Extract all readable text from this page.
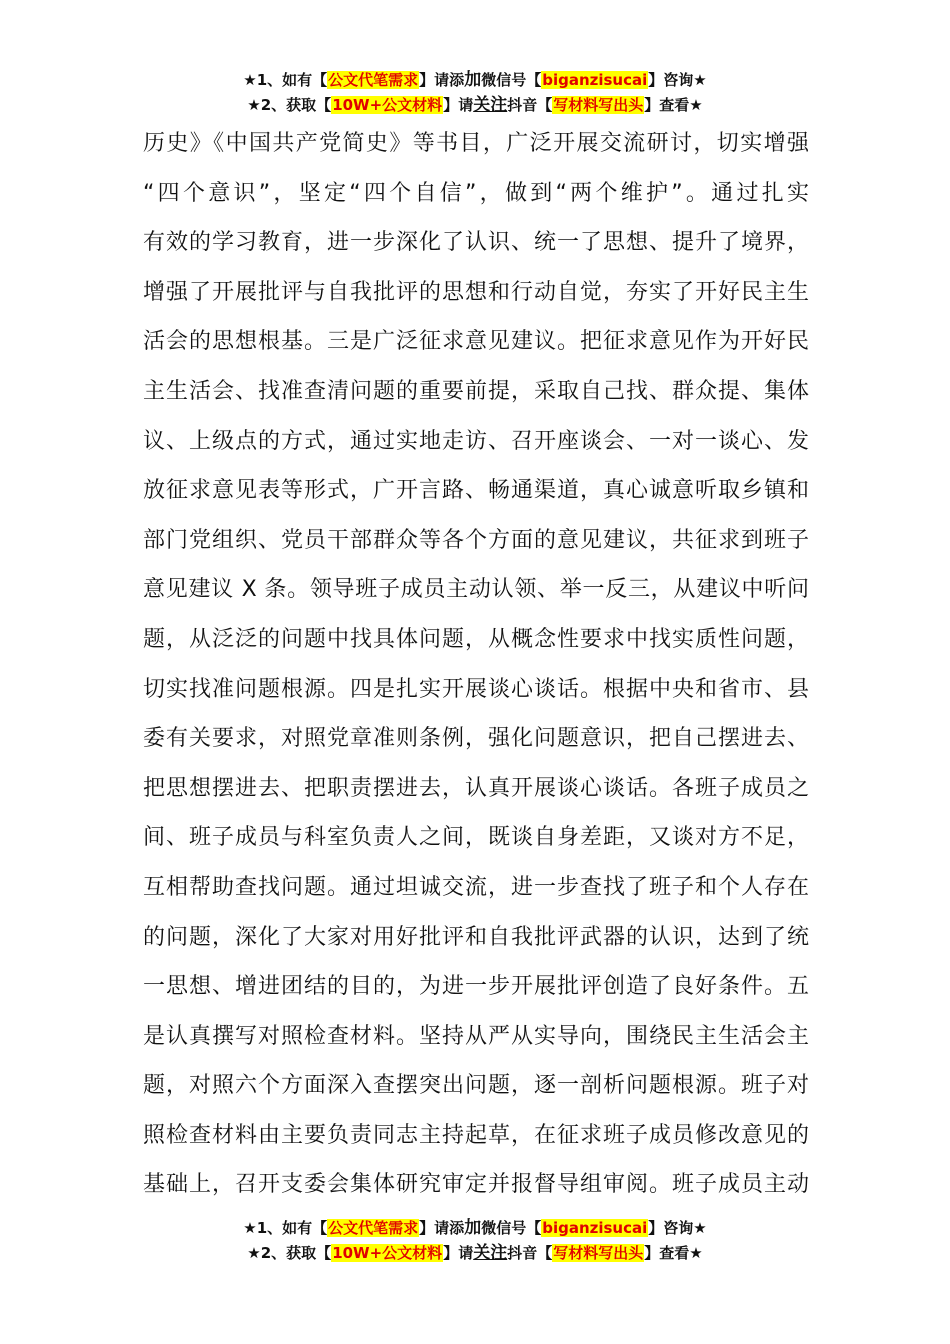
★1、如有【公文代笔需求】请添加微信号【biganzisucai】咨询★
★2、获取【10W+公文材料】请关注抖音【写材料写出头】查看★
历史》《中国共产党简史》等书目，广泛开展交流研讨，切实增强
“四个意识”，坚定“四个自信”，做到“两个维护”。通过扎实
有效的学习教育，进一步深化了认识、统一了思想、提升了境界，
增强了开展批评与自我批评的思想和行动自觉，夯实了开好民主生
活会的思想根基。三是广泛征求意见建议。把征求意见作为开好民
主生活会、找准查清问题的重要前提，采取自己找、群众提、集体
议、上级点的方式，通过实地走访、召开座谈会、一对一谈心、发
放征求意见表等形式，广开言路、畅通渠道，真心诚意听取乡镇和
部门党组织、党员干部群众等各个方面的意见建议，共征求到班子
意见建议 X 条。领导班子成员主动认领、举一反三，从建议中听问
题，从泛泛的问题中找具体问题，从概念性要求中找实质性问题，
切实找准问题根源。四是扎实开展谈心谈话。根据中央和省市、县
委有关要求，对照党章准则条例，强化问题意识，把自己摆进去、
把思想摆进去、把职责摆进去，认真开展谈心谈话。各班子成员之
间、班子成员与科室负责人之间，既谈自身差距，又谈对方不足，
互相帮助查找问题。通过坦诚交流，进一步查找了班子和个人存在
的问题，深化了大家对用好批评和自我批评武器的认识，达到了统
一思想、增进团结的目的，为进一步开展批评创造了良好条件。五
是认真撰写对照检查材料。坚持从严从实导向，围绕民主生活会主
题，对照六个方面深入查摆突出问题，逐一剖析问题根源。班子对
照检查材料由主要负责同志主持起草，在征求班子成员修改意见的
基础上，召开支委会集体研究审定并报督导组审阅。班子成员主动
★1、如有【公文代笔需求】请添加微信号【biganzisucai】咨询★
★2、获取【10W+公文材料】请关注抖音【写材料写出头】查看★
